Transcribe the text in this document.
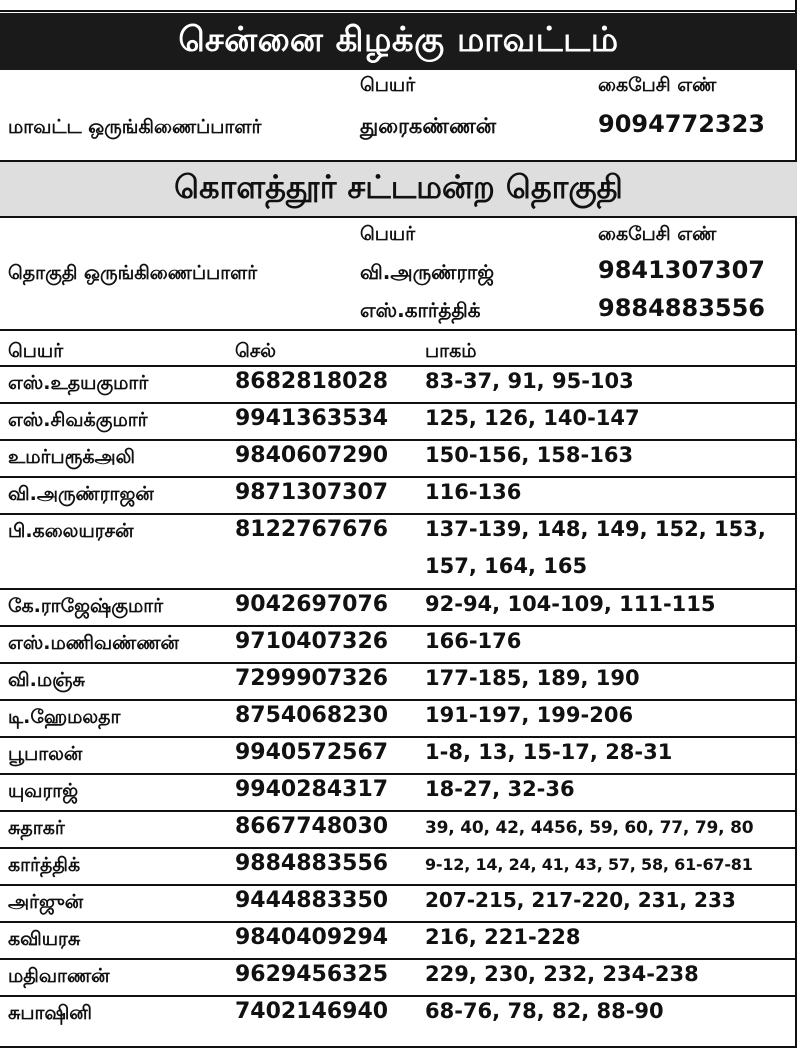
சென்னை கிழக்கு மாவட்டம்
பெயர்	கைபேசி எண்
மாவட்ட ஒருங்கிணைப்பாளர்	துரைகண்ணன்	9094772323
கொளத்தூர் சட்டமன்ற தொகுதி
பெயர்	கைபேசி எண்
தொகுதி ஒருங்கிணைப்பாளர்	வி.அருண்ராஜ்	9841307307
எஸ்.கார்த்திக்	9884883556
பெயர்	செல்	பாகம்
எஸ்.உதயகுமார்	8682818028 83-37, 91, 95-103
எஸ்.சிவக்குமார்	9941363534 125, 126, 140-147
உமர்பரூக்அலி	9840607290 150-156, 158-163
வி.அருண்ராஜன்	9871307307 116-136
பி.கலையரசன்	8122767676 137-139, 148, 149, 152, 153,
157, 164, 165
கே.ராஜேஷ்குமார்	9042697076 92-94, 104-109, 111-115
எஸ்.மணிவண்ணன்	9710407326 166-176
வி.மஞ்சு	7299907326 177-185, 189, 190
டி.ஹேமலதா	8754068230 191-197, 199-206
பூபாலன்	9940572567 1-8, 13, 15-17, 28-31
யுவராஜ்	9940284317 18-27, 32-36
சுதாகர்	8667748030 39, 40, 42, 4456, 59, 60, 77, 79, 80
கார்த்திக்	9884883556 9-12, 14, 24, 41, 43, 57, 58, 61-67-81
அர்ஜுன்	9444883350 207-215, 217-220, 231, 233
கவியரசு	9840409294 216, 221-228
மதிவாணன்	9629456325 229, 230, 232, 234-238
சுபாஷினி	7402146940 68-76, 78, 82, 88-90
